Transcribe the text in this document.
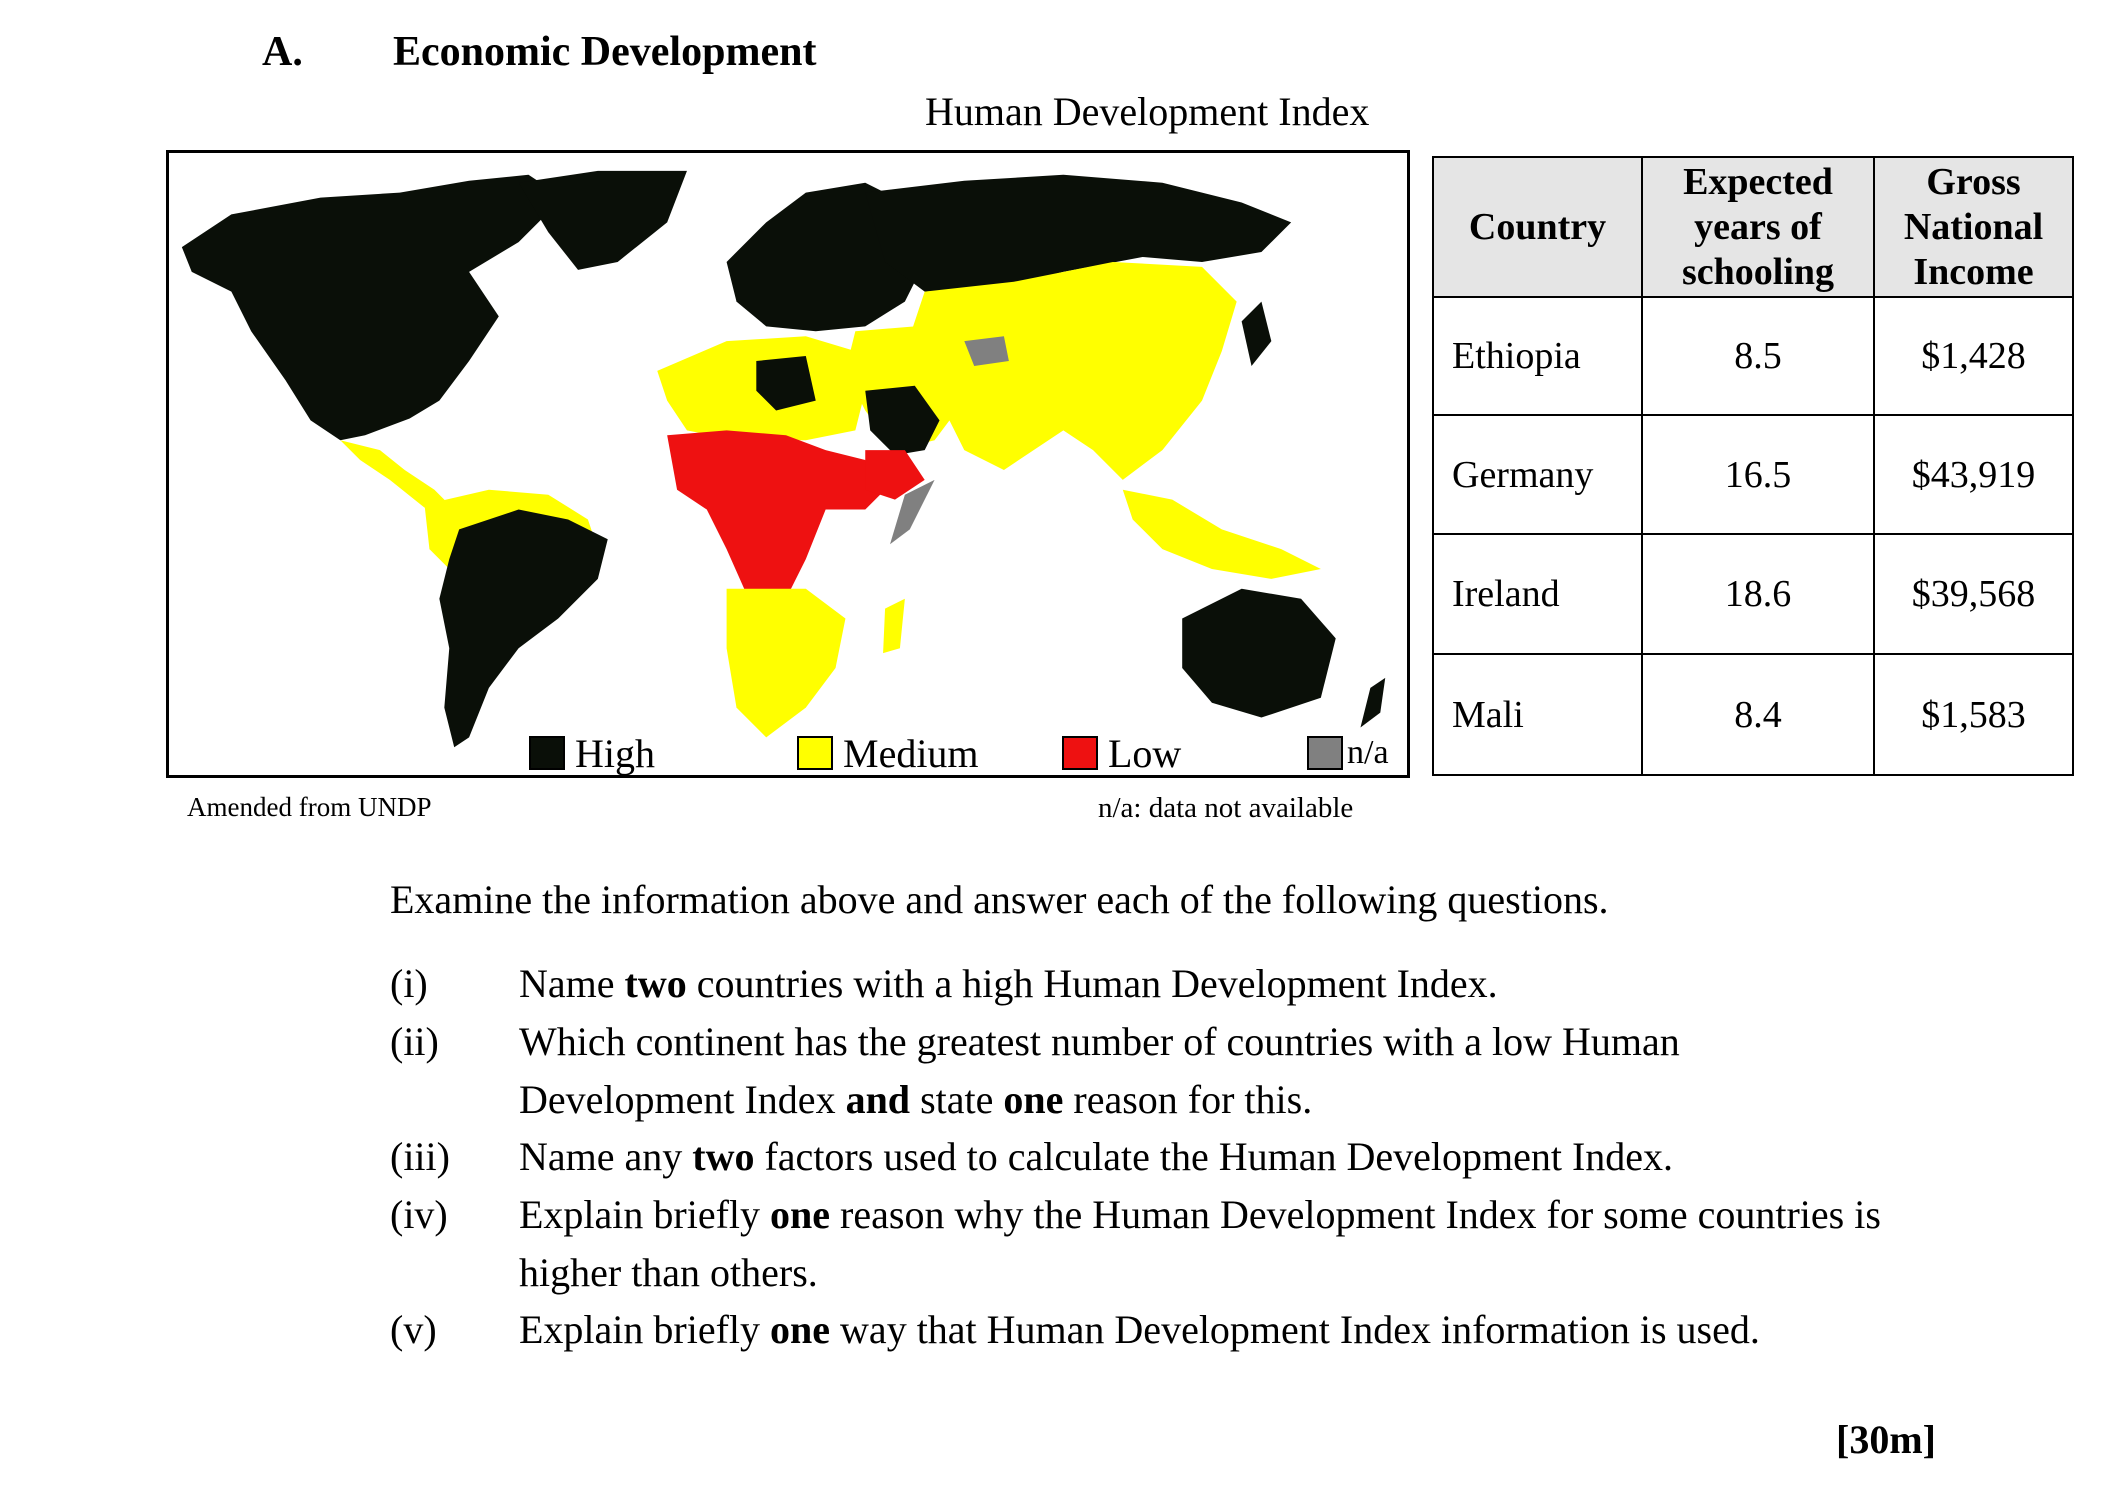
A. Economic Development
Human Development Index
High	Medium	Low	n/a
Amended from UNDP	n/a: data not available
Country	Expected years of schooling	Gross National Income
Ethiopia	8.5	$1,428
Germany	16.5	$43,919
Ireland	18.6	$39,568
Mali	8.4	$1,583
Examine the information above and answer each of the following questions.
(i) Name two countries with a high Human Development Index.
(ii) Which continent has the greatest number of countries with a low Human Development Index and state one reason for this.
(iii) Name any two factors used to calculate the Human Development Index.
(iv) Explain briefly one reason why the Human Development Index for some countries is higher than others.
(v) Explain briefly one way that Human Development Index information is used.
[30m]
